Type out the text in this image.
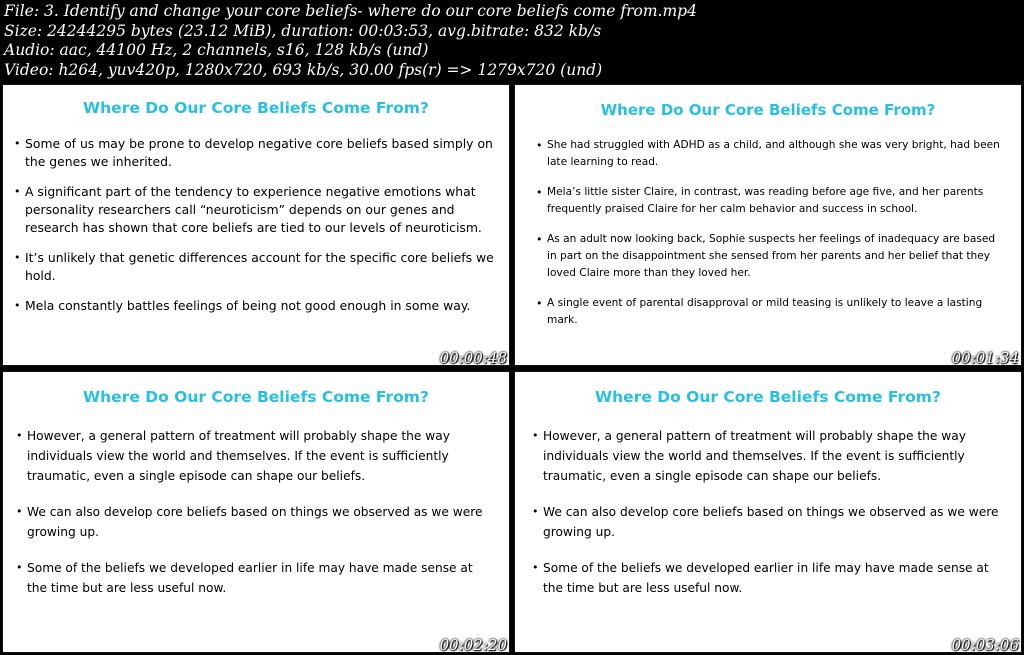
File: 3. Identify and change your core beliefs- where do our core beliefs come from.mp4
Size: 24244295 bytes (23.12 MiB), duration: 00:03:53, avg.bitrate: 832 kb/s
Audio: aac, 44100 Hz, 2 channels, s16, 128 kb/s (und)
Video: h264, yuv420p, 1280x720, 693 kb/s, 30.00 fps(r) => 1279x720 (und)
Where Do Our Core Beliefs Come From?
• Some of us may be prone to develop negative core beliefs based simply on the genes we inherited.
• A significant part of the tendency to experience negative emotions what personality researchers call “neuroticism” depends on our genes and research has shown that core beliefs are tied to our levels of neuroticism.
• It’s unlikely that genetic differences account for the specific core beliefs we hold.
• Mela constantly battles feelings of being not good enough in some way.
00:00:48
Where Do Our Core Beliefs Come From?
• She had struggled with ADHD as a child, and although she was very bright, had been late learning to read.
• Mela’s little sister Claire, in contrast, was reading before age five, and her parents frequently praised Claire for her calm behavior and success in school.
• As an adult now looking back, Sophie suspects her feelings of inadequacy are based in part on the disappointment she sensed from her parents and her belief that they loved Claire more than they loved her.
• A single event of parental disapproval or mild teasing is unlikely to leave a lasting mark.
00:01:34
Where Do Our Core Beliefs Come From?
• However, a general pattern of treatment will probably shape the way individuals view the world and themselves. If the event is sufficiently traumatic, even a single episode can shape our beliefs.
• We can also develop core beliefs based on things we observed as we were growing up.
• Some of the beliefs we developed earlier in life may have made sense at the time but are less useful now.
00:02:20
Where Do Our Core Beliefs Come From?
• However, a general pattern of treatment will probably shape the way individuals view the world and themselves. If the event is sufficiently traumatic, even a single episode can shape our beliefs.
• We can also develop core beliefs based on things we observed as we were growing up.
• Some of the beliefs we developed earlier in life may have made sense at the time but are less useful now.
00:03:06
